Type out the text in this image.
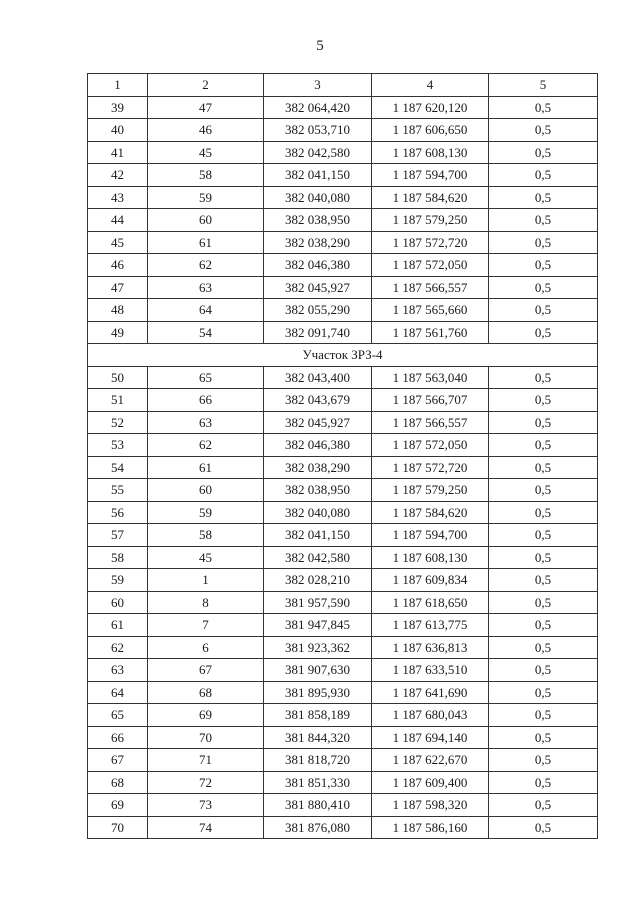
5
1	2	3	4	5
39	47	382 064,420	1 187 620,120	0,5
40	46	382 053,710	1 187 606,650	0,5
41	45	382 042,580	1 187 608,130	0,5
42	58	382 041,150	1 187 594,700	0,5
43	59	382 040,080	1 187 584,620	0,5
44	60	382 038,950	1 187 579,250	0,5
45	61	382 038,290	1 187 572,720	0,5
46	62	382 046,380	1 187 572,050	0,5
47	63	382 045,927	1 187 566,557	0,5
48	64	382 055,290	1 187 565,660	0,5
49	54	382 091,740	1 187 561,760	0,5
Участок ЗРЗ-4				
50	65	382 043,400	1 187 563,040	0,5
51	66	382 043,679	1 187 566,707	0,5
52	63	382 045,927	1 187 566,557	0,5
53	62	382 046,380	1 187 572,050	0,5
54	61	382 038,290	1 187 572,720	0,5
55	60	382 038,950	1 187 579,250	0,5
56	59	382 040,080	1 187 584,620	0,5
57	58	382 041,150	1 187 594,700	0,5
58	45	382 042,580	1 187 608,130	0,5
59	1	382 028,210	1 187 609,834	0,5
60	8	381 957,590	1 187 618,650	0,5
61	7	381 947,845	1 187 613,775	0,5
62	6	381 923,362	1 187 636,813	0,5
63	67	381 907,630	1 187 633,510	0,5
64	68	381 895,930	1 187 641,690	0,5
65	69	381 858,189	1 187 680,043	0,5
66	70	381 844,320	1 187 694,140	0,5
67	71	381 818,720	1 187 622,670	0,5
68	72	381 851,330	1 187 609,400	0,5
69	73	381 880,410	1 187 598,320	0,5
70	74	381 876,080	1 187 586,160	0,5
